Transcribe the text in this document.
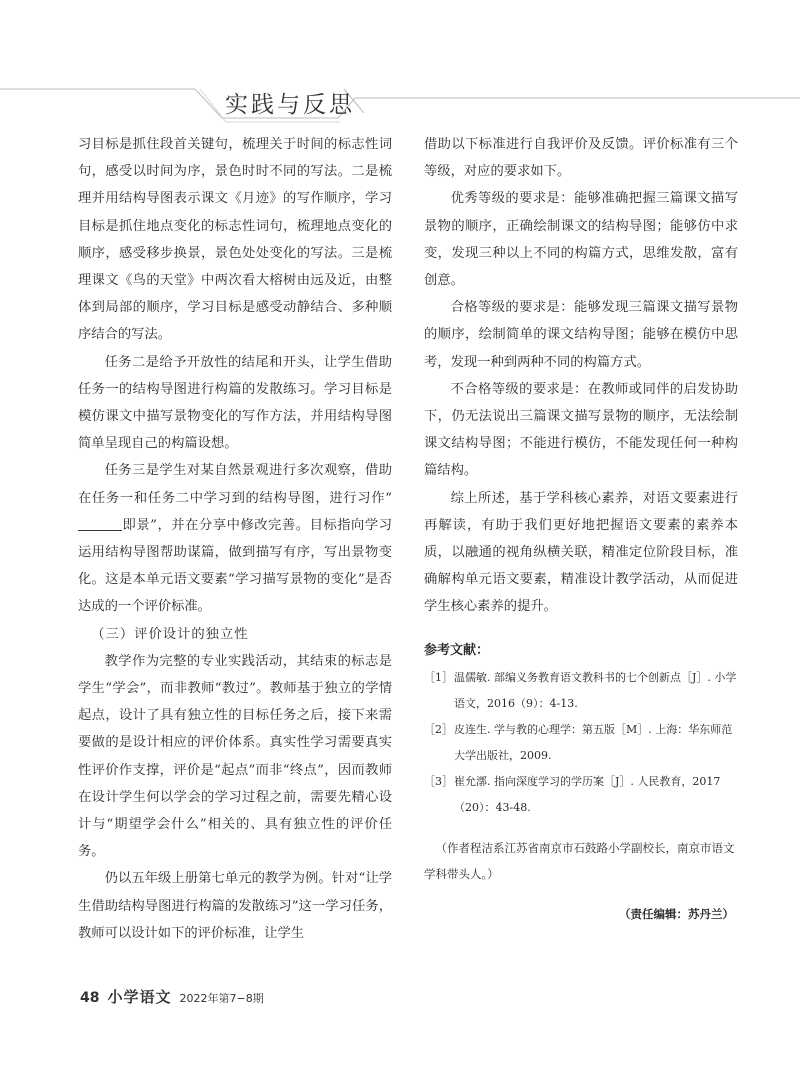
实践与反思

习目标是抓住段首关键句，梳理关于时间的标志性词句，感受以时间为序，景色时时不同的写法。二是梳理并用结构导图表示课文《月迹》的写作顺序，学习目标是抓住地点变化的标志性词句，梳理地点变化的顺序，感受移步换景，景色处处变化的写法。三是梳理课文《鸟的天堂》中两次看大榕树由远及近，由整体到局部的顺序，学习目标是感受动静结合、多种顺序结合的写法。

任务二是给予开放性的结尾和开头，让学生借助任务一的结构导图进行构篇的发散练习。学习目标是模仿课文中描写景物变化的写作方法，并用结构导图简单呈现自己的构篇设想。

任务三是学生对某自然景观进行多次观察，借助在任务一和任务二中学习到的结构导图，进行习作“即景”，并在分享中修改完善。目标指向学习运用结构导图帮助谋篇，做到描写有序，写出景物变化。这是本单元语文要素“学习描写景物的变化”是否达成的一个评价标准。

（三）评价设计的独立性

教学作为完整的专业实践活动，其结束的标志是学生“学会”，而非教师“教过”。教师基于独立的学情起点，设计了具有独立性的目标任务之后，接下来需要做的是设计相应的评价体系。真实性学习需要真实性评价作支撑，评价是“起点”而非“终点”，因而教师在设计学生何以学会的学习过程之前，需要先精心设计与“期望学会什么”相关的、具有独立性的评价任务。

仍以五年级上册第七单元的教学为例。针对“让学生借助结构导图进行构篇的发散练习”这一学习任务，教师可以设计如下的评价标准，让学生

借助以下标准进行自我评价及反馈。评价标准有三个等级，对应的要求如下。

优秀等级的要求是：能够准确把握三篇课文描写景物的顺序，正确绘制课文的结构导图；能够仿中求变，发现三种以上不同的构篇方式，思维发散，富有创意。

合格等级的要求是：能够发现三篇课文描写景物的顺序，绘制简单的课文结构导图；能够在模仿中思考，发现一种到两种不同的构篇方式。

不合格等级的要求是：在教师或同伴的启发协助下，仍无法说出三篇课文描写景物的顺序，无法绘制课文结构导图；不能进行模仿，不能发现任何一种构篇结构。

综上所述，基于学科核心素养，对语文要素进行再解读，有助于我们更好地把握语文要素的素养本质，以融通的视角纵横关联，精准定位阶段目标，准确解构单元语文要素，精准设计教学活动，从而促进学生核心素养的提升。

参考文献：

［1］ 温儒敏. 部编义务教育语文教科书的七个创新点［J］. 小学语文，2016（9）：4-13.
［2］ 皮连生. 学与教的心理学：第五版［M］. 上海：华东师范大学出版社，2009.
［3］ 崔允漷. 指向深度学习的学历案［J］. 人民教育，2017（20）：43-48.

（作者程洁系江苏省南京市石鼓路小学副校长，南京市语文学科带头人。）

（责任编辑：苏丹兰）

48 小学语文 2022年第7−8期
